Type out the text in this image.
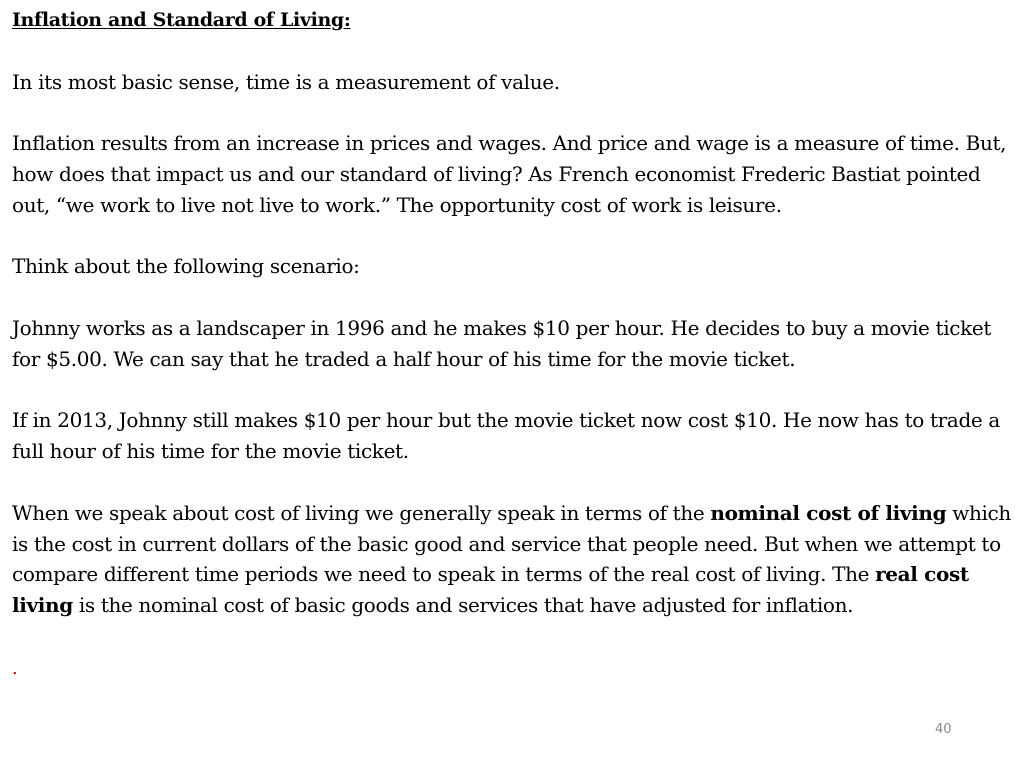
Inflation and Standard of Living:

In its most basic sense, time is a measurement of value.

Inflation results from an increase in prices and wages. And price and wage is a measure of time. But, how does that impact us and our standard of living? As French economist Frederic Bastiat pointed out, “we work to live not live to work.” The opportunity cost of work is leisure.

Think about the following scenario:

Johnny works as a landscaper in 1996 and he makes $10 per hour. He decides to buy a movie ticket for $5.00. We can say that he traded a half hour of his time for the movie ticket.

If in 2013, Johnny still makes $10 per hour but the movie ticket now cost $10. He now has to trade a full hour of his time for the movie ticket.

When we speak about cost of living we generally speak in terms of the nominal cost of living which is the cost in current dollars of the basic good and service that people need. But when we attempt to compare different time periods we need to speak in terms of the real cost of living. The real cost living is the nominal cost of basic goods and services that have adjusted for inflation.

.

40
